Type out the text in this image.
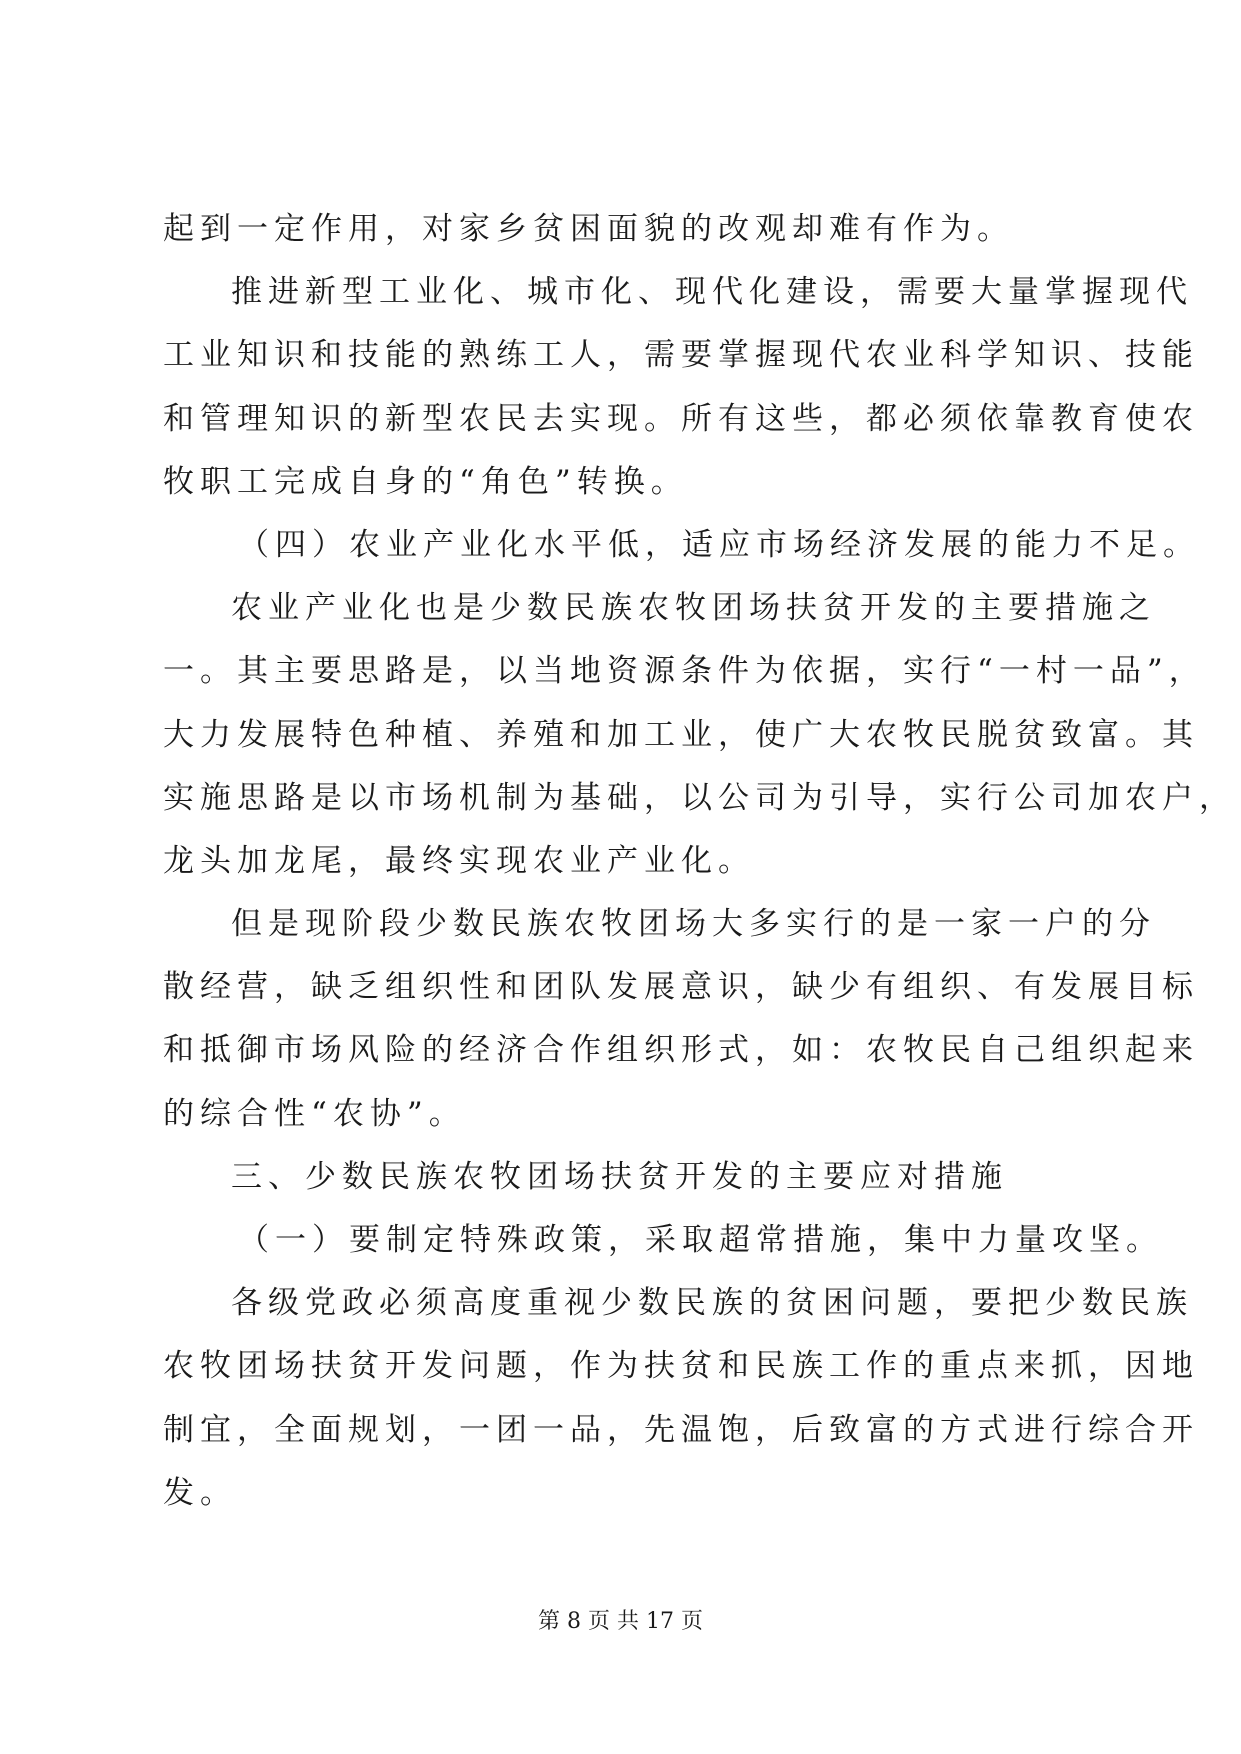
起到一定作用，对家乡贫困面貌的改观却难有作为。
推进新型工业化、城市化、现代化建设，需要大量掌握现代
工业知识和技能的熟练工人，需要掌握现代农业科学知识、技能
和管理知识的新型农民去实现。所有这些，都必须依靠教育使农
牧职工完成自身的“角色”转换。
（四）农业产业化水平低，适应市场经济发展的能力不足。
农业产业化也是少数民族农牧团场扶贫开发的主要措施之
一。其主要思路是，以当地资源条件为依据，实行“一村一品”，
大力发展特色种植、养殖和加工业，使广大农牧民脱贫致富。其
实施思路是以市场机制为基础，以公司为引导，实行公司加农户，
龙头加龙尾，最终实现农业产业化。
但是现阶段少数民族农牧团场大多实行的是一家一户的分
散经营，缺乏组织性和团队发展意识，缺少有组织、有发展目标
和抵御市场风险的经济合作组织形式，如：农牧民自己组织起来
的综合性“农协”。
三、少数民族农牧团场扶贫开发的主要应对措施
（一）要制定特殊政策，采取超常措施，集中力量攻坚。
各级党政必须高度重视少数民族的贫困问题，要把少数民族
农牧团场扶贫开发问题，作为扶贫和民族工作的重点来抓，因地
制宜，全面规划，一团一品，先温饱，后致富的方式进行综合开
发。
第 8 页 共 17 页
